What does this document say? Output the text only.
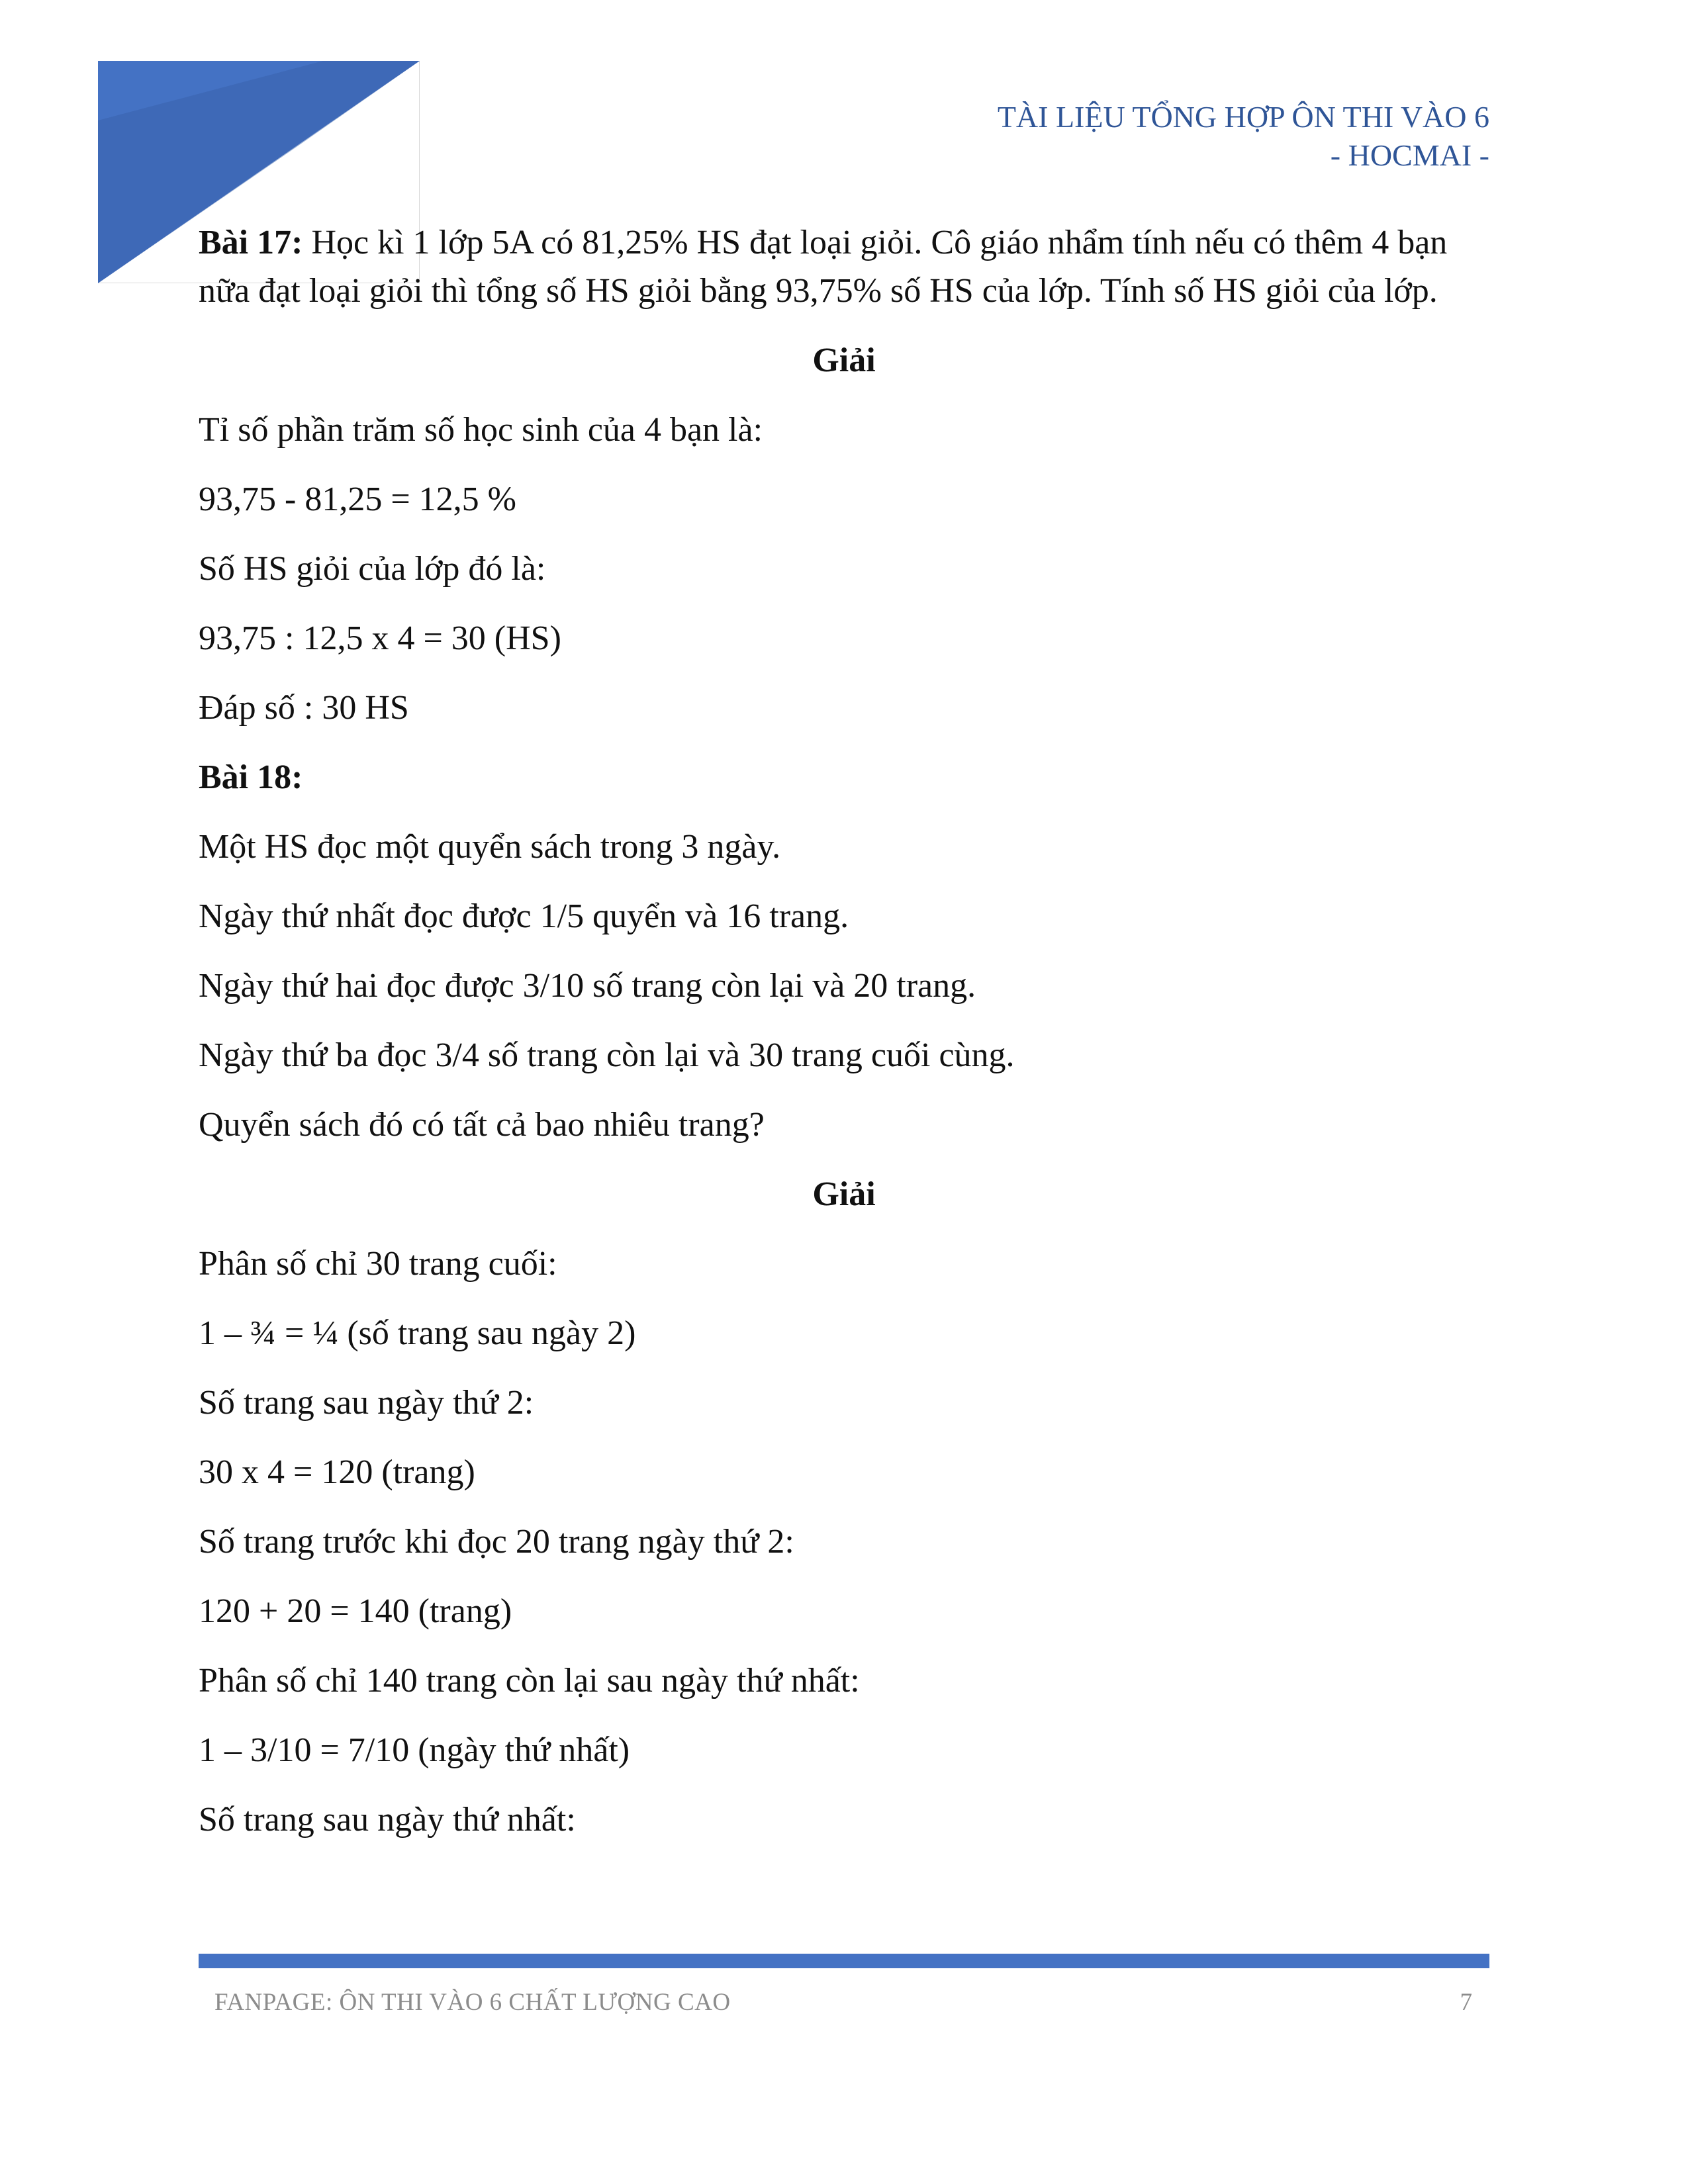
TÀI LIỆU TỔNG HỢP ÔN THI VÀO 6
- HOCMAI -

Bài 17: Học kì 1 lớp 5A có 81,25% HS đạt loại giỏi. Cô giáo nhẩm tính nếu có thêm 4 bạn nữa đạt loại giỏi thì tổng số HS giỏi bằng 93,75% số HS của lớp. Tính số HS giỏi của lớp.

Giải

Tỉ số phần trăm số học sinh của 4 bạn là:

93,75 - 81,25 = 12,5 %

Số HS giỏi của lớp đó là:

93,75 : 12,5 x 4 = 30 (HS)

Đáp số : 30 HS

Bài 18:

Một HS đọc một quyển sách trong 3 ngày.

Ngày thứ nhất đọc được 1/5 quyển và 16 trang.

Ngày thứ hai đọc được 3/10 số trang còn lại và 20 trang.

Ngày thứ ba đọc 3/4 số trang còn lại và 30 trang cuối cùng.

Quyển sách đó có tất cả bao nhiêu trang?

Giải

Phân số chỉ 30 trang cuối:

1 – ¾ = ¼ (số trang sau ngày 2)

Số trang sau ngày thứ 2:

30 x 4 = 120 (trang)

Số trang trước khi đọc 20 trang ngày thứ 2:

120 + 20 = 140 (trang)

Phân số chỉ 140 trang còn lại sau ngày thứ nhất:

1 – 3/10 = 7/10 (ngày thứ nhất)

Số trang sau ngày thứ nhất:

FANPAGE: ÔN THI VÀO 6 CHẤT LƯỢNG CAO	7
